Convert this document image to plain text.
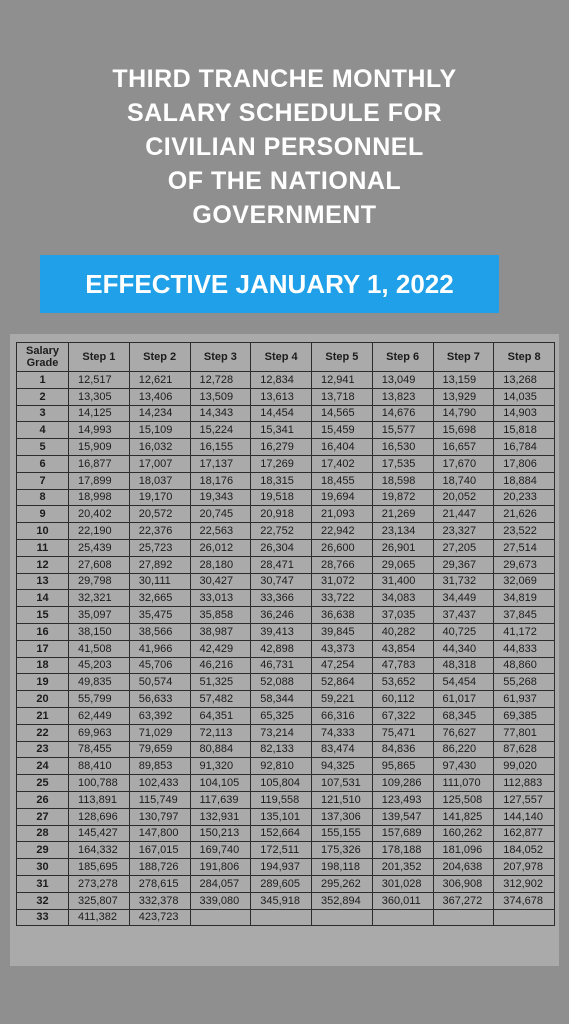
THIRD TRANCHE MONTHLY
SALARY SCHEDULE FOR
CIVILIAN PERSONNEL
OF THE NATIONAL
GOVERNMENT
EFFECTIVE JANUARY 1, 2022
Salary Grade	Step 1	Step 2	Step 3	Step 4	Step 5	Step 6	Step 7	Step 8
1	12,517	12,621	12,728	12,834	12,941	13,049	13,159	13,268
2	13,305	13,406	13,509	13,613	13,718	13,823	13,929	14,035
3	14,125	14,234	14,343	14,454	14,565	14,676	14,790	14,903
4	14,993	15,109	15,224	15,341	15,459	15,577	15,698	15,818
5	15,909	16,032	16,155	16,279	16,404	16,530	16,657	16,784
6	16,877	17,007	17,137	17,269	17,402	17,535	17,670	17,806
7	17,899	18,037	18,176	18,315	18,455	18,598	18,740	18,884
8	18,998	19,170	19,343	19,518	19,694	19,872	20,052	20,233
9	20,402	20,572	20,745	20,918	21,093	21,269	21,447	21,626
10	22,190	22,376	22,563	22,752	22,942	23,134	23,327	23,522
11	25,439	25,723	26,012	26,304	26,600	26,901	27,205	27,514
12	27,608	27,892	28,180	28,471	28,766	29,065	29,367	29,673
13	29,798	30,111	30,427	30,747	31,072	31,400	31,732	32,069
14	32,321	32,665	33,013	33,366	33,722	34,083	34,449	34,819
15	35,097	35,475	35,858	36,246	36,638	37,035	37,437	37,845
16	38,150	38,566	38,987	39,413	39,845	40,282	40,725	41,172
17	41,508	41,966	42,429	42,898	43,373	43,854	44,340	44,833
18	45,203	45,706	46,216	46,731	47,254	47,783	48,318	48,860
19	49,835	50,574	51,325	52,088	52,864	53,652	54,454	55,268
20	55,799	56,633	57,482	58,344	59,221	60,112	61,017	61,937
21	62,449	63,392	64,351	65,325	66,316	67,322	68,345	69,385
22	69,963	71,029	72,113	73,214	74,333	75,471	76,627	77,801
23	78,455	79,659	80,884	82,133	83,474	84,836	86,220	87,628
24	88,410	89,853	91,320	92,810	94,325	95,865	97,430	99,020
25	100,788	102,433	104,105	105,804	107,531	109,286	111,070	112,883
26	113,891	115,749	117,639	119,558	121,510	123,493	125,508	127,557
27	128,696	130,797	132,931	135,101	137,306	139,547	141,825	144,140
28	145,427	147,800	150,213	152,664	155,155	157,689	160,262	162,877
29	164,332	167,015	169,740	172,511	175,326	178,188	181,096	184,052
30	185,695	188,726	191,806	194,937	198,118	201,352	204,638	207,978
31	273,278	278,615	284,057	289,605	295,262	301,028	306,908	312,902
32	325,807	332,378	339,080	345,918	352,894	360,011	367,272	374,678
33	411,382	423,723						
